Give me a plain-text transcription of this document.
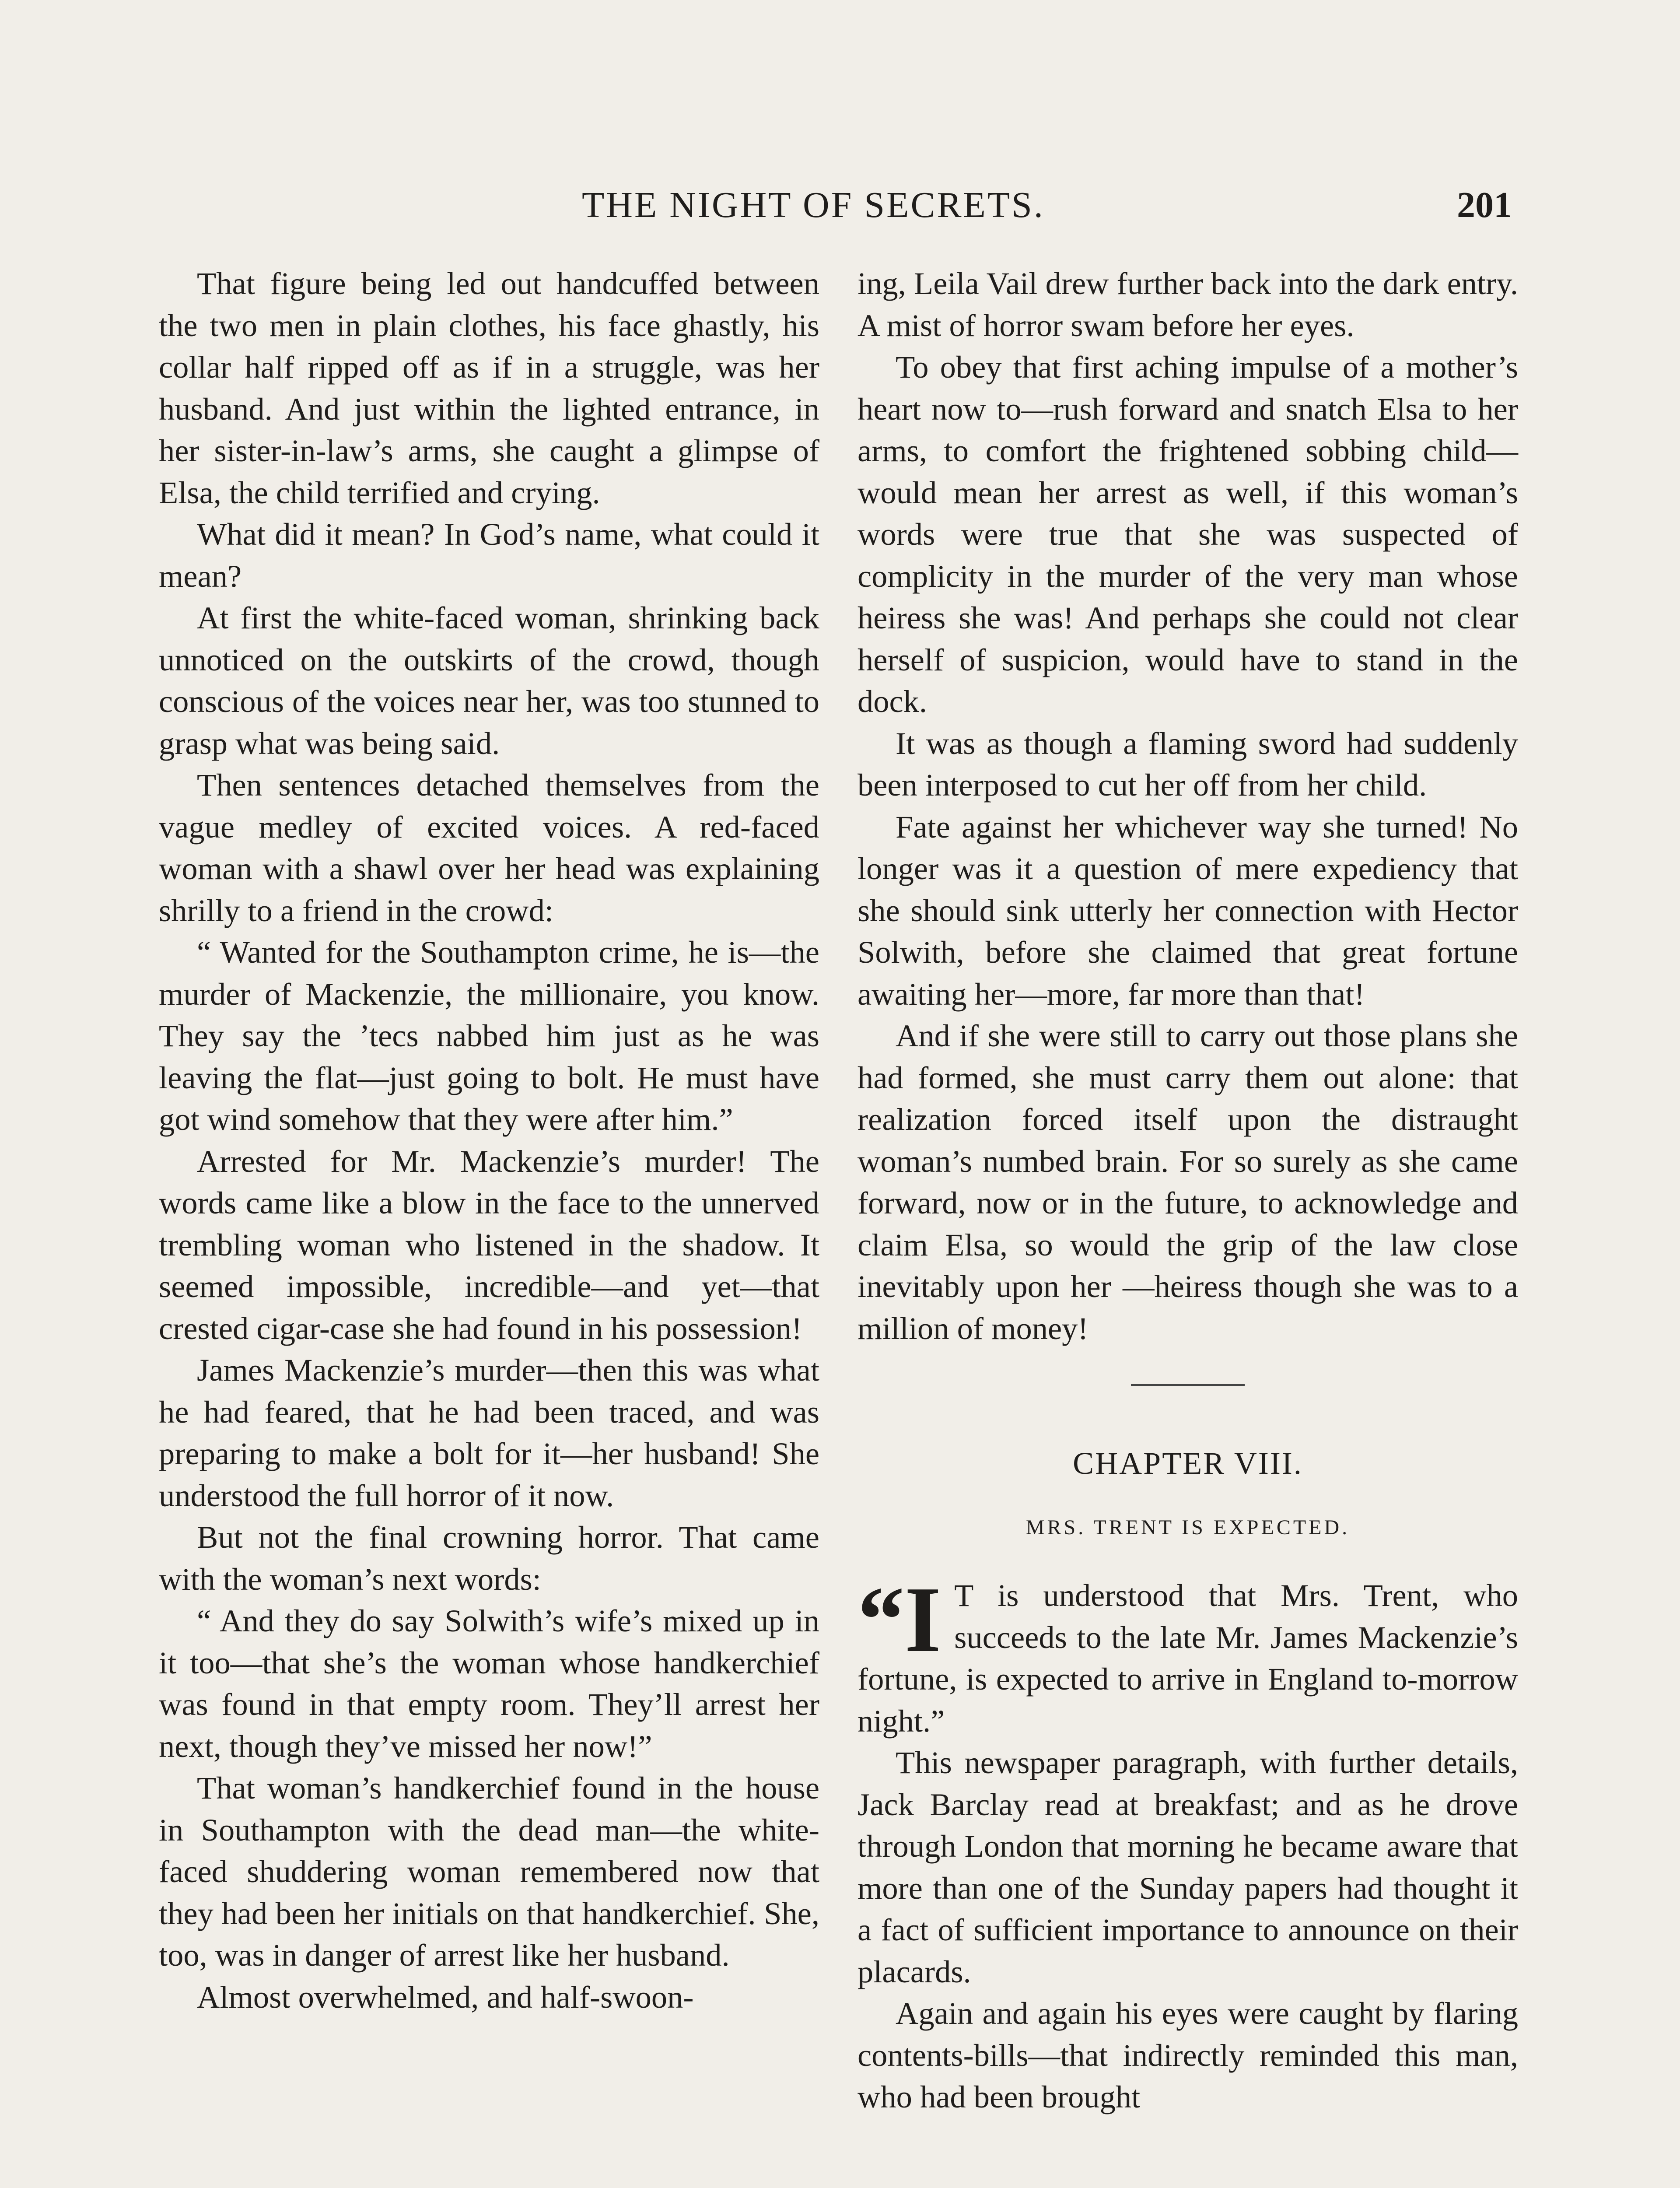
THE NIGHT OF SECRETS.	201

That figure being led out handcuffed between the two men in plain clothes, his face ghastly, his collar half ripped off as if in a struggle, was her husband. And just within the lighted entrance, in her sister-in-law’s arms, she caught a glimpse of Elsa, the child terrified and crying.

What did it mean? In God’s name, what could it mean?

At first the white-faced woman, shrinking back unnoticed on the outskirts of the crowd, though conscious of the voices near her, was too stunned to grasp what was being said.

Then sentences detached themselves from the vague medley of excited voices. A red-faced woman with a shawl over her head was explaining shrilly to a friend in the crowd:

“ Wanted for the Southampton crime, he is—the murder of Mackenzie, the millionaire, you know. They say the ’tecs nabbed him just as he was leaving the flat—just going to bolt. He must have got wind somehow that they were after him.”

Arrested for Mr. Mackenzie’s murder! The words came like a blow in the face to the unnerved trembling woman who listened in the shadow. It seemed impossible, incredible—and yet—that crested cigar-case she had found in his possession!

James Mackenzie’s murder—then this was what he had feared, that he had been traced, and was preparing to make a bolt for it—her husband! She understood the full horror of it now.

But not the final crowning horror. That came with the woman’s next words:

“ And they do say Solwith’s wife’s mixed up in it too—that she’s the woman whose handkerchief was found in that empty room. They’ll arrest her next, though they’ve missed her now!”

That woman’s handkerchief found in the house in Southampton with the dead man—the white-faced shuddering woman remembered now that they had been her initials on that handkerchief. She, too, was in danger of arrest like her husband.

Almost overwhelmed, and half-swoon-

ing, Leila Vail drew further back into the dark entry. A mist of horror swam before her eyes.

To obey that first aching impulse of a mother’s heart now to—rush forward and snatch Elsa to her arms, to comfort the frightened sobbing child—would mean her arrest as well, if this woman’s words were true that she was suspected of complicity in the murder of the very man whose heiress she was! And perhaps she could not clear herself of suspicion, would have to stand in the dock.

It was as though a flaming sword had suddenly been interposed to cut her off from her child.

Fate against her whichever way she turned! No longer was it a question of mere expediency that she should sink utterly her connection with Hector Solwith, before she claimed that great fortune awaiting her—more, far more than that!

And if she were still to carry out those plans she had formed, she must carry them out alone: that realization forced itself upon the distraught woman’s numbed brain. For so surely as she came forward, now or in the future, to acknowledge and claim Elsa, so would the grip of the law close inevitably upon her —heiress though she was to a million of money!

CHAPTER VIII.
MRS. TRENT IS EXPECTED.

“I T is understood that Mrs. Trent, who succeeds to the late Mr. James Mackenzie’s fortune, is expected to arrive in England to-morrow night.”

This newspaper paragraph, with further details, Jack Barclay read at breakfast; and as he drove through London that morning he became aware that more than one of the Sunday papers had thought it a fact of sufficient importance to announce on their placards.

Again and again his eyes were caught by flaring contents-bills—that indirectly reminded this man, who had been brought
